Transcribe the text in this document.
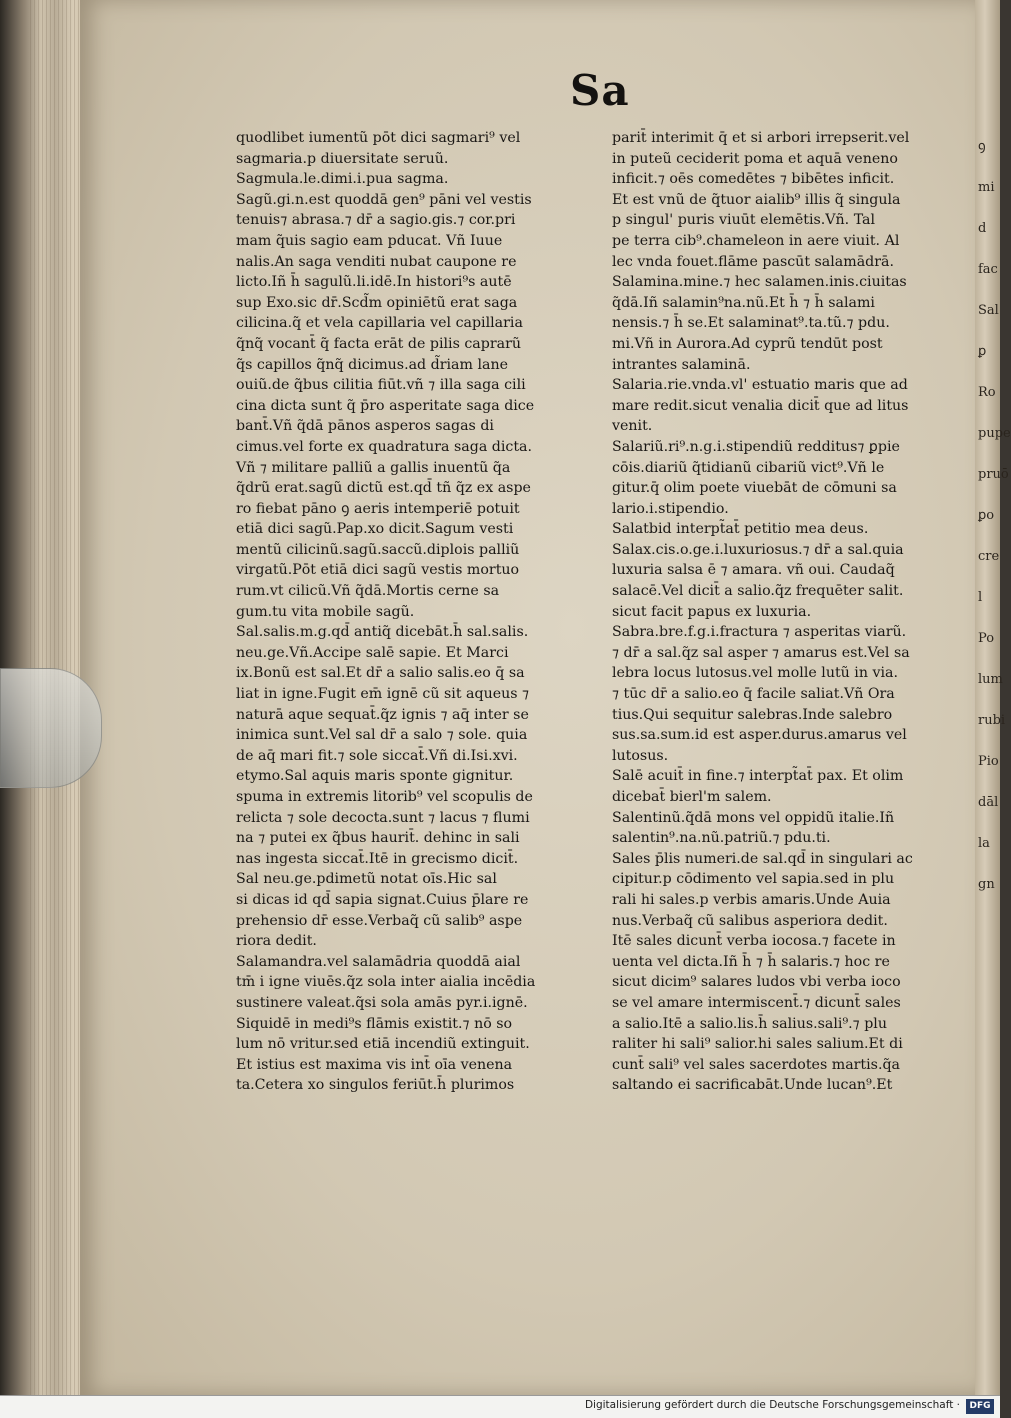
Sa
quodlibet iumentũ pōt dici sagmari⁹ vel
sagmaria.p diuersitate seruũ.
Sagmula.le.dimi.i.pua sagma.
Sagũ.gi.n.est quoddā gen⁹ pāni vel vestis
tenuis⁊ abrasa.⁊ dr̄ a sagio.gis.⁊ cor.pri
mam q̃uis sagio eam pducat. Vñ Iuue
nalis.An saga venditi nubat caupone re
licto.Iñ h̄ sagulũ.li.idē.In histori⁹s autē
sup Exo.sic dr̄.Scd̃m opiniētũ erat saga
cilicina.q̃ et vela capillaria vel capillaria
q̃nq̃ vocant̄ q̃ facta erāt de pilis caprarũ
q̃s capillos q̃nq̃ dicimus.ad d̃riam lane
ouiũ.de q̃bus cilitia fiūt.vñ ⁊ illa saga cili
cina dicta sunt q̃ p̄ro asperitate saga dice
bant̄.Vñ q̃dā pānos asperos sagas di
cimus.vel forte ex quadratura saga dicta.
Vñ ⁊ militare palliũ a gallis inuentũ q̃a
q̃drũ erat.sagũ dictũ est.qd̄ tñ q̃z ex aspe
ro fiebat pāno ꝯ aeris intemperiē potuit
etiā dici sagũ.Pap.xo dicit.Sagum vesti
mentũ cilicinũ.sagũ.saccũ.diplois palliũ
virgatũ.Pōt etiā dici sagũ vestis mortuo
rum.vt cilicũ.Vñ q̃dā.Mortis cerne sa
gum.tu vita mobile sagũ.
Sal.salis.m.g.qd̄ antiq̃ dicebāt.h̄ sal.salis.
neu.ge.Vñ.Accipe salē sapie. Et Marci
ix.Bonũ est sal.Et dr̄ a salio salis.eo q̄ sa
liat in igne.Fugit em̄ ignē cũ sit aqueus ⁊
naturā aque sequat̄.q̃z ignis ⁊ aq̄ inter se
inimica sunt.Vel sal dr̄ a salo ⁊ sole. quia
de aq̄ mari fit.⁊ sole siccat̄.Vñ di.Isi.xvi.
etymo.Sal aquis maris sponte gignitur.
spuma in extremis litorib⁹ vel scopulis de
relicta ⁊ sole decocta.sunt ⁊ lacus ⁊ flumi
na ⁊ putei ex q̃bus haurit̄. dehinc in sali
nas ingesta siccat̄.Itē in grecismo dicit̄.
Sal neu.ge.pdimetũ notat oīs.Hic sal
si dicas id qd̄ sapia signat.Cuius p̄lare re
prehensio dr̄ esse.Verbaq̃ cũ salib⁹ aspe
riora dedit.
Salamandra.vel salamādria quoddā aial
tm̄ i igne viuēs.q̃z sola inter aialia incēdia
sustinere valeat.q̃si sola amās pyr.i.ignē.
Siquidē in medi⁹s flāmis existit.⁊ nō so
lum nō vritur.sed etiā incendiũ extinguit.
Et istius est maxima vis int̄ oīa venena
ta.Cetera xo singulos feriūt.h̄ plurimos
parit̄ interimit q̄ et si arbori irrepserit.vel
in puteũ ceciderit poma et aquā veneno
inficit.⁊ oēs comedētes ⁊ bibētes inficit.
Et est vnũ de q̃tuor aialib⁹ illis q̃ singula
p singul' puris viuūt elemētis.Vñ. Tal
pe terra cib⁹.chameleon in aere viuit. Al
lec vnda fouet.flāme pascūt salamādrā.
Salamina.mine.⁊ hec salamen.inis.ciuitas
q̃dā.Iñ salamin⁹na.nũ.Et h̄ ⁊ h̄ salami
nensis.⁊ h̄ se.Et salaminat⁹.ta.tũ.⁊ pdu.
mi.Vñ in Aurora.Ad cyprũ tendūt post
intrantes salaminā.
Salaria.rie.vnda.vl' estuatio maris que ad
mare redit.sicut venalia dicit̄ que ad litus
venit.
Salariũ.ri⁹.n.g.i.stipendiũ redditus⁊ ꝑpie
cōis.diariũ q̃tidianũ cibariũ vict⁹.Vñ le
gitur.q̄ olim poete viuebāt de cōmuni sa
lario.i.stipendio.
Salatbid interpt̃at̄ petitio mea deus.
Salax.cis.o.ge.i.luxuriosus.⁊ dr̄ a sal.quia
luxuria salsa ē ⁊ amara. vñ oui. Caudaq̃
salacē.Vel dicit̄ a salio.q̃z frequēter salit.
sicut facit papus ex luxuria.
Sabra.bre.f.g.i.fractura ⁊ asperitas viarũ.
⁊ dr̄ a sal.q̃z sal asper ⁊ amarus est.Vel sa
lebra locus lutosus.vel molle lutũ in via.
⁊ tūc dr̄ a salio.eo q̄ facile saliat.Vñ Ora
tius.Qui sequitur salebras.Inde salebro
sus.sa.sum.id est asper.durus.amarus vel
lutosus.
Salē acuit̄ in fine.⁊ interpt̃at̄ pax. Et olim
dicebat̄ bierl'm salem.
Salentinũ.q̃dā mons vel oppidũ italie.Iñ
salentin⁹.na.nũ.patriũ.⁊ pdu.ti.
Sales p̄lis numeri.de sal.qd̄ in singulari ac
cipitur.p cōdimento vel sapia.sed in plu
rali hi sales.p verbis amaris.Unde Auia
nus.Verbaq̃ cũ salibus asperiora dedit.
Itē sales dicunt̄ verba iocosa.⁊ facete in
uenta vel dicta.Iñ h̄ ⁊ h̄ salaris.⁊ hoc re
sicut dicim⁹ salares ludos vbi verba ioco
se vel amare intermiscent̄.⁊ dicunt̄ sales
a salio.Itē a salio.lis.h̄ salius.sali⁹.⁊ plu
raliter hi sali⁹ salior.hi sales salium.Et di
cunt̄ sali⁹ vel sales sacerdotes martis.q̃a
saltando ei sacrificabāt.Unde lucan⁹.Et
ꝯ
mi
d
fac
Sal
ꝑ
Ro
pupe
pruō
ꝑo
cre
l
Po
lum
rubi
Pio
dāl
la
gn
Digitalisierung gefördert durch die Deutsche Forschungsgemeinschaft ·	DFG
